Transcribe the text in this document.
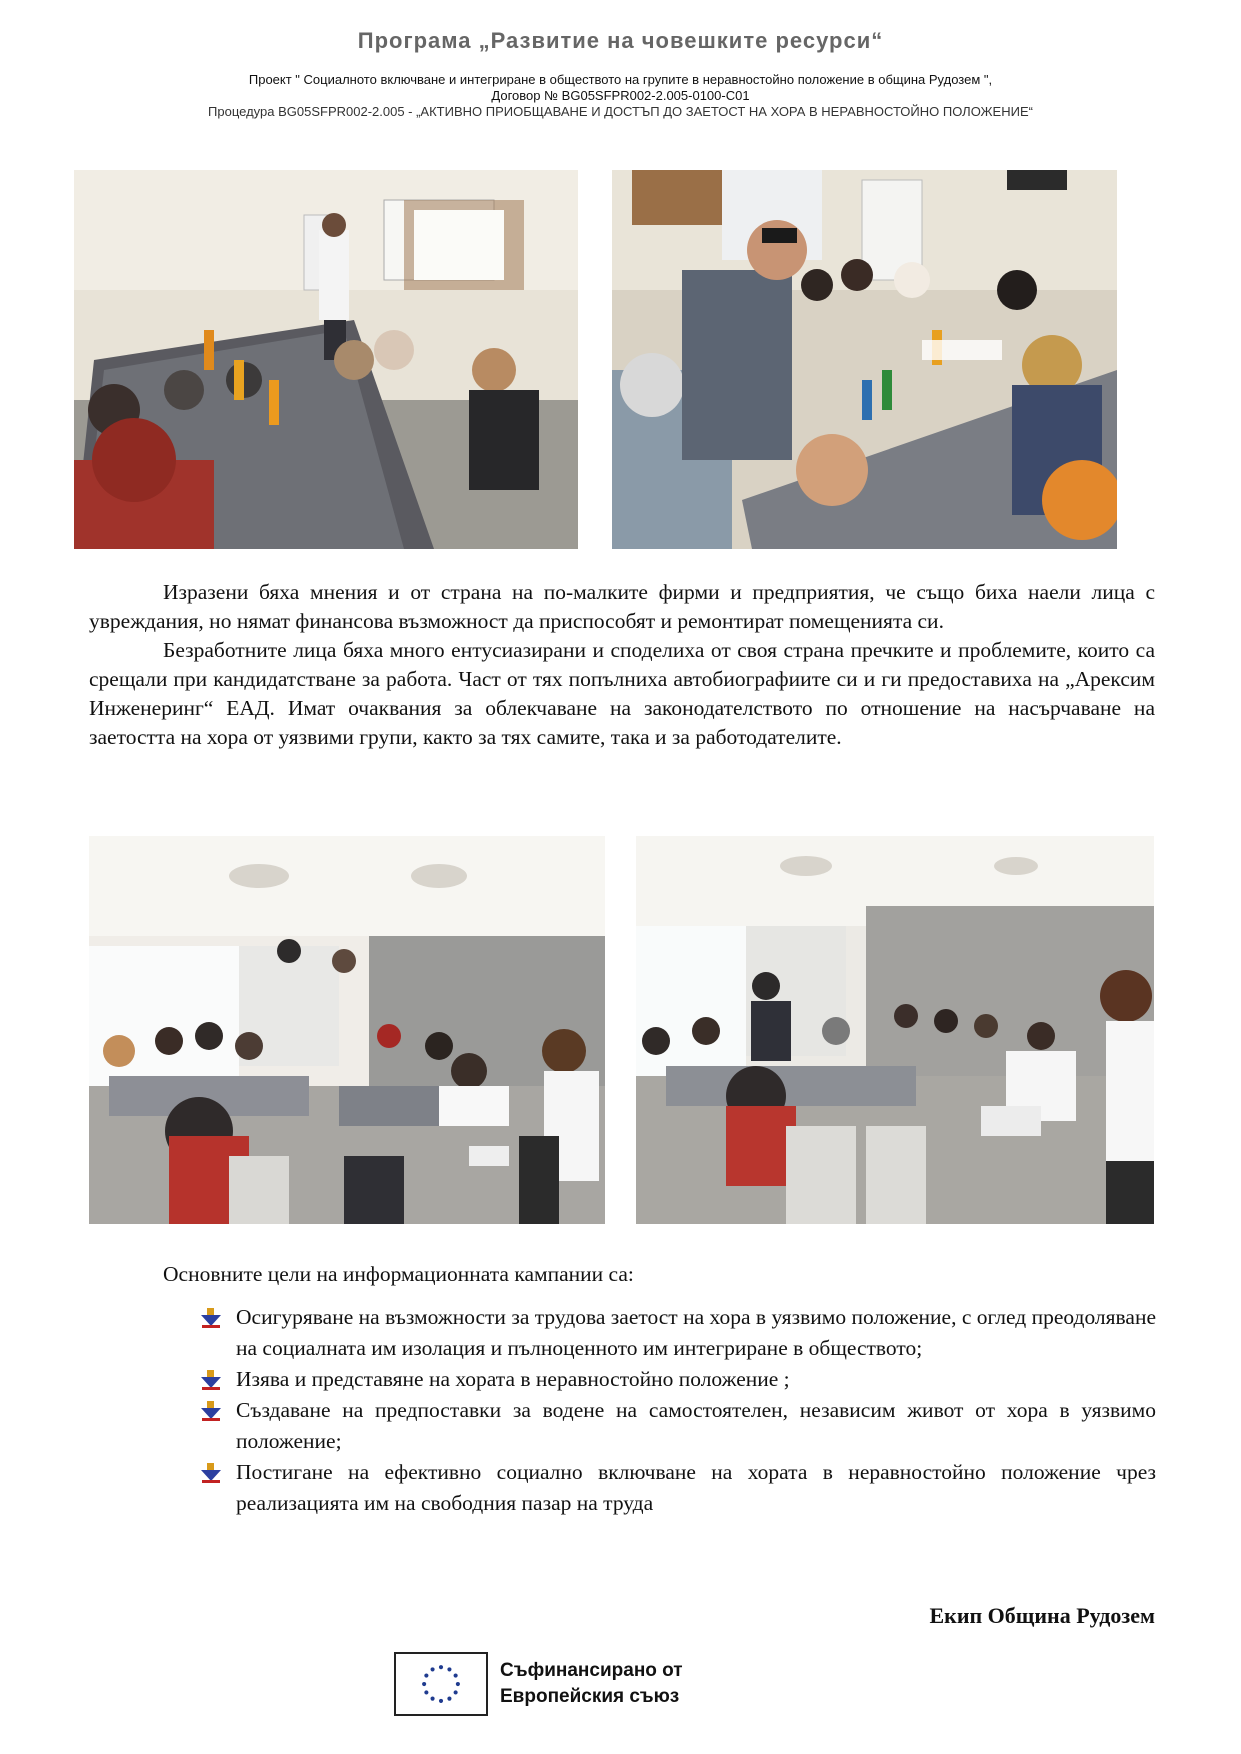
Програма „Развитие на човешките ресурси“
Проект " Социалното включване и интегриране в обществото на групите в неравностойно положение в община Рудозем ",
Договор № BG05SFPR002-2.005-0100-C01
Процедура BG05SFPR002-2.005 - „АКТИВНО ПРИОБЩАВАНЕ И ДОСТЪП ДО ЗАЕТОСТ НА ХОРА В НЕРАВНОСТОЙНО ПОЛОЖЕНИЕ“

Изразени бяха мнения и от страна на по-малките фирми и предприятия, че също биха наели лица с увреждания, но нямат финансова възможност да приспособят и ремонтират помещенията си.

Безработните лица бяха много ентусиазирани и споделиха от своя страна пречките и проблемите, които са срещали при кандидатстване за работа. Част от тях попълниха автобиографиите си и ги предоставиха на „Арексим Инженеринг“ ЕАД. Имат очаквания за облекчаване на законодателството по отношение на насърчаване на заетостта на хора от уязвими групи, както за тях самите, така и за работодателите.

Основните цели на информационната кампании са:
Осигуряване на възможности за трудова заетост на хора в уязвимо положение, с оглед преодоляване на социалната им изолация и пълноценното им интегриране в обществото;
Изява и представяне на хората в неравностойно положение ;
Създаване на предпоставки за водене на самостоятелен, независим живот от хора в уязвимо положение;
Постигане на ефективно социално включване на хората в неравностойно положение чрез реализацията им на свободния пазар на труда
Екип Община Рудозем
Съфинансирано от
Европейския съюз
